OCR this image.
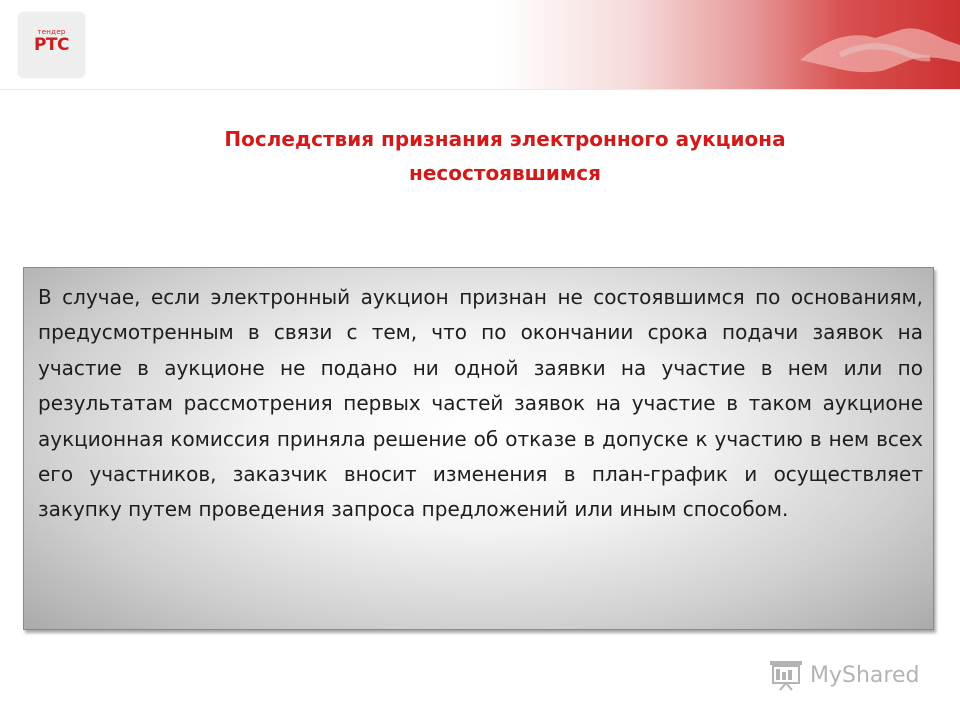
тендер
РТС
Последствия признания электронного аукциона несостоявшимся
В случае, если электронный аукцион признан не состоявшимся по основаниям, предусмотренным в связи с тем, что по окончании срока подачи заявок на участие в аукционе не подано ни одной заявки на участие в нем или по результатам рассмотрения первых частей заявок на участие в таком аукционе аукционная комиссия приняла решение об отказе в допуске к участию в нем всех его участников, заказчик вносит изменения в план-график и осуществляет закупку путем проведения запроса предложений или иным способом.
MyShared
